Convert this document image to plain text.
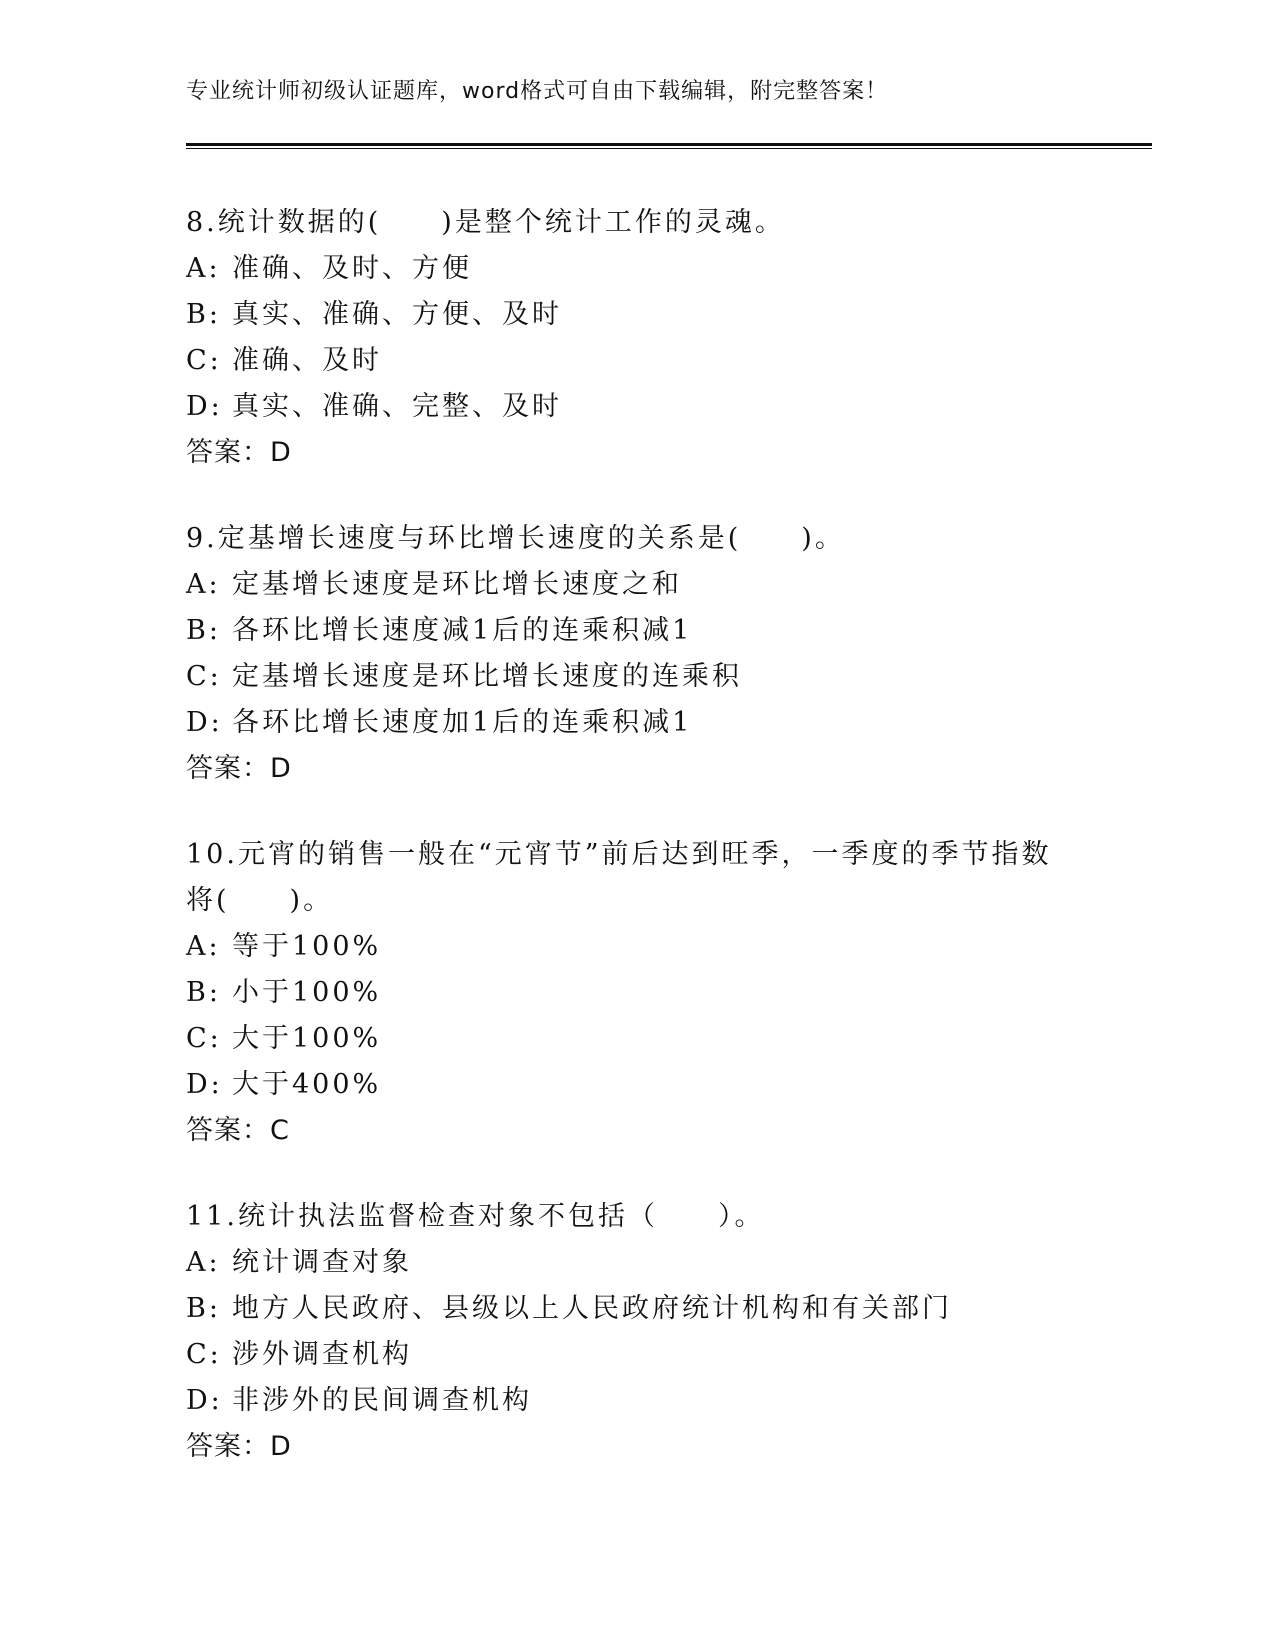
专业统计师初级认证题库，word格式可自由下载编辑，附完整答案！
8.统计数据的(　　)是整个统计工作的灵魂。
A: 准确、及时、方便
B: 真实、准确、方便、及时
C: 准确、及时
D: 真实、准确、完整、及时
答案：D
9.定基增长速度与环比增长速度的关系是(　　)。
A: 定基增长速度是环比增长速度之和
B: 各环比增长速度减1后的连乘积减1
C: 定基增长速度是环比增长速度的连乘积
D: 各环比增长速度加1后的连乘积减1
答案：D
10.元宵的销售一般在“元宵节”前后达到旺季，一季度的季节指数将(　　)。
A: 等于100%
B: 小于100%
C: 大于100%
D: 大于400%
答案：C
11.统计执法监督检查对象不包括（　　）。
A: 统计调查对象
B: 地方人民政府、县级以上人民政府统计机构和有关部门
C: 涉外调查机构
D: 非涉外的民间调查机构
答案：D
